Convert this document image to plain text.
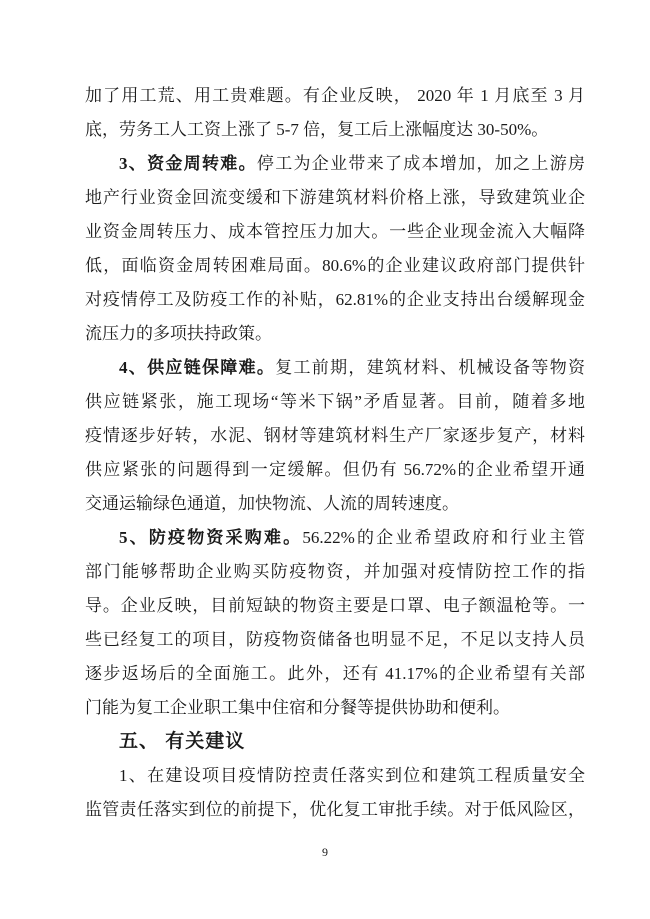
加了用工荒、用工贵难题。有企业反映， 2020 年 1 月底至 3 月
底，劳务工人工资上涨了 5-7 倍，复工后上涨幅度达 30-50%。
3、资金周转难。停工为企业带来了成本增加，加之上游房
地产行业资金回流变缓和下游建筑材料价格上涨，导致建筑业企
业资金周转压力、成本管控压力加大。一些企业现金流入大幅降
低，面临资金周转困难局面。80.6%的企业建议政府部门提供针
对疫情停工及防疫工作的补贴，62.81%的企业支持出台缓解现金
流压力的多项扶持政策。
4、供应链保障难。复工前期，建筑材料、机械设备等物资
供应链紧张，施工现场“等米下锅”矛盾显著。目前，随着多地
疫情逐步好转，水泥、钢材等建筑材料生产厂家逐步复产，材料
供应紧张的问题得到一定缓解。但仍有 56.72%的企业希望开通
交通运输绿色通道，加快物流、人流的周转速度。
5、防疫物资采购难。56.22%的企业希望政府和行业主管
部门能够帮助企业购买防疫物资，并加强对疫情防控工作的指
导。企业反映，目前短缺的物资主要是口罩、电子额温枪等。一
些已经复工的项目，防疫物资储备也明显不足，不足以支持人员
逐步返场后的全面施工。此外，还有 41.17%的企业希望有关部
门能为复工企业职工集中住宿和分餐等提供协助和便利。
五、 有关建议
1、在建设项目疫情防控责任落实到位和建筑工程质量安全
监管责任落实到位的前提下，优化复工审批手续。对于低风险区，
9
